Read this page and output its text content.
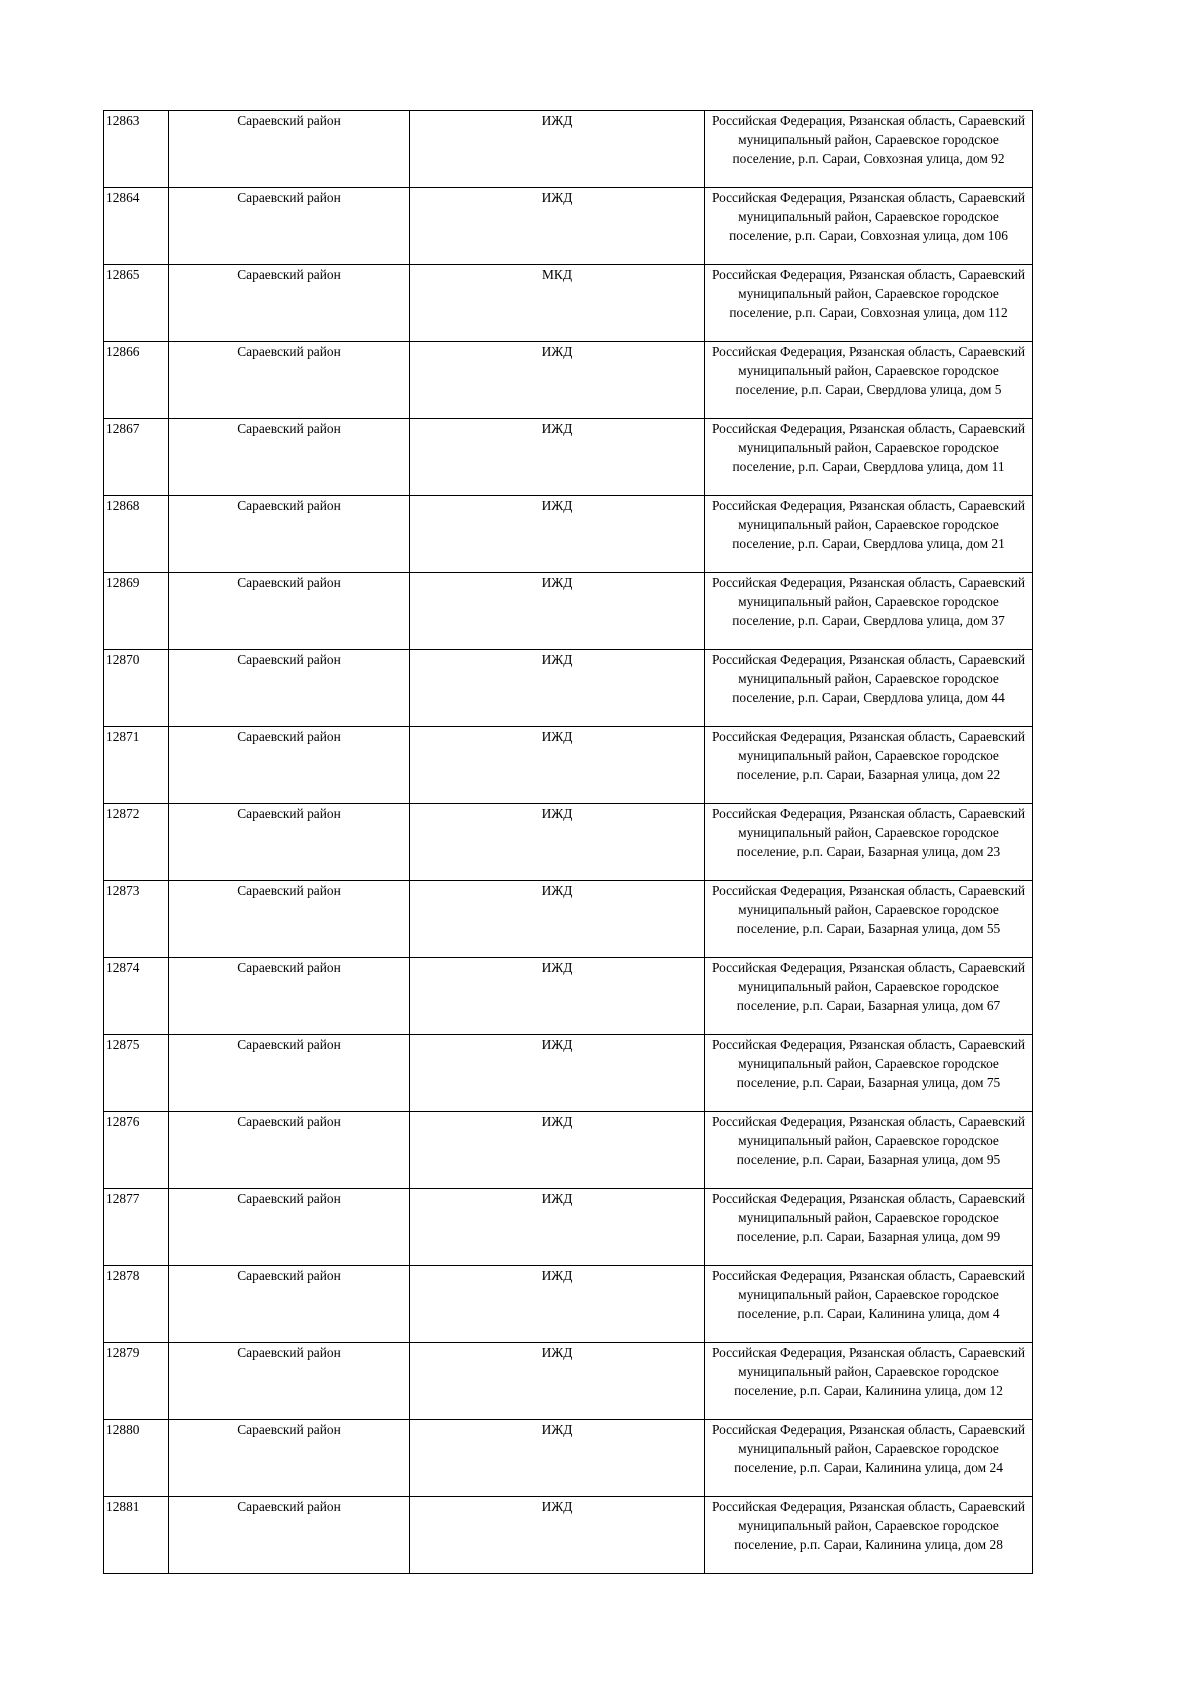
12863	Сараевский район	ИЖД	Российская Федерация, Рязанская область, Сараевский муниципальный район, Сараевское городское поселение, р.п. Сараи, Совхозная улица, дом 92
12864	Сараевский район	ИЖД	Российская Федерация, Рязанская область, Сараевский муниципальный район, Сараевское городское поселение, р.п. Сараи, Совхозная улица, дом 106
12865	Сараевский район	МКД	Российская Федерация, Рязанская область, Сараевский муниципальный район, Сараевское городское поселение, р.п. Сараи, Совхозная улица, дом 112
12866	Сараевский район	ИЖД	Российская Федерация, Рязанская область, Сараевский муниципальный район, Сараевское городское поселение, р.п. Сараи, Свердлова улица, дом 5
12867	Сараевский район	ИЖД	Российская Федерация, Рязанская область, Сараевский муниципальный район, Сараевское городское поселение, р.п. Сараи, Свердлова улица, дом 11
12868	Сараевский район	ИЖД	Российская Федерация, Рязанская область, Сараевский муниципальный район, Сараевское городское поселение, р.п. Сараи, Свердлова улица, дом 21
12869	Сараевский район	ИЖД	Российская Федерация, Рязанская область, Сараевский муниципальный район, Сараевское городское поселение, р.п. Сараи, Свердлова улица, дом 37
12870	Сараевский район	ИЖД	Российская Федерация, Рязанская область, Сараевский муниципальный район, Сараевское городское поселение, р.п. Сараи, Свердлова улица, дом 44
12871	Сараевский район	ИЖД	Российская Федерация, Рязанская область, Сараевский муниципальный район, Сараевское городское поселение, р.п. Сараи, Базарная улица, дом 22
12872	Сараевский район	ИЖД	Российская Федерация, Рязанская область, Сараевский муниципальный район, Сараевское городское поселение, р.п. Сараи, Базарная улица, дом 23
12873	Сараевский район	ИЖД	Российская Федерация, Рязанская область, Сараевский муниципальный район, Сараевское городское поселение, р.п. Сараи, Базарная улица, дом 55
12874	Сараевский район	ИЖД	Российская Федерация, Рязанская область, Сараевский муниципальный район, Сараевское городское поселение, р.п. Сараи, Базарная улица, дом 67
12875	Сараевский район	ИЖД	Российская Федерация, Рязанская область, Сараевский муниципальный район, Сараевское городское поселение, р.п. Сараи, Базарная улица, дом 75
12876	Сараевский район	ИЖД	Российская Федерация, Рязанская область, Сараевский муниципальный район, Сараевское городское поселение, р.п. Сараи, Базарная улица, дом 95
12877	Сараевский район	ИЖД	Российская Федерация, Рязанская область, Сараевский муниципальный район, Сараевское городское поселение, р.п. Сараи, Базарная улица, дом 99
12878	Сараевский район	ИЖД	Российская Федерация, Рязанская область, Сараевский муниципальный район, Сараевское городское поселение, р.п. Сараи, Калинина улица, дом 4
12879	Сараевский район	ИЖД	Российская Федерация, Рязанская область, Сараевский муниципальный район, Сараевское городское поселение, р.п. Сараи, Калинина улица, дом 12
12880	Сараевский район	ИЖД	Российская Федерация, Рязанская область, Сараевский муниципальный район, Сараевское городское поселение, р.п. Сараи, Калинина улица, дом 24
12881	Сараевский район	ИЖД	Российская Федерация, Рязанская область, Сараевский муниципальный район, Сараевское городское поселение, р.п. Сараи, Калинина улица, дом 28
